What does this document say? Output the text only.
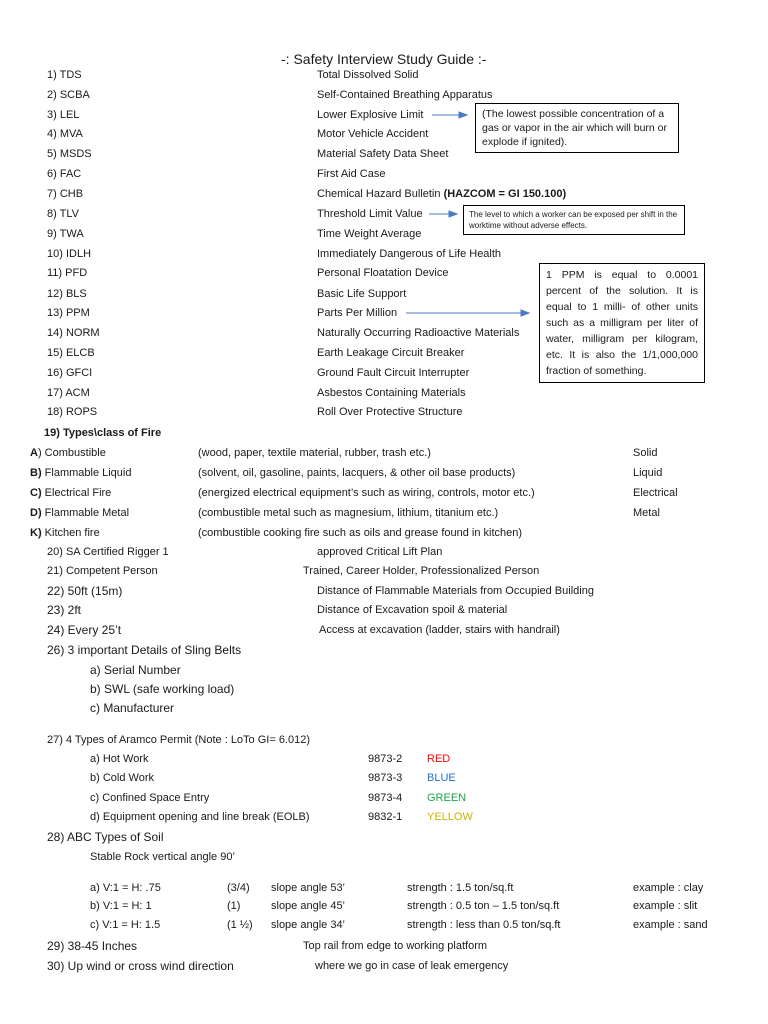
-: Safety Interview Study Guide :-
1) TDS	Total Dissolved Solid
2) SCBA	Self-Contained Breathing Apparatus
3) LEL	Lower Explosive Limit
4) MVA	Motor Vehicle Accident
5) MSDS	Material Safety Data Sheet
6) FAC	First Aid Case
7) CHB	Chemical Hazard Bulletin (HAZCOM = GI 150.100)
8) TLV	Threshold Limit Value
9) TWA	Time Weight Average
10) IDLH	Immediately Dangerous of Life Health
11) PFD	Personal Floatation Device
12) BLS	Basic Life Support
13) PPM	Parts Per Million
14) NORM	Naturally Occurring Radioactive Materials
15) ELCB	Earth Leakage Circuit Breaker
16) GFCI	Ground Fault Circuit Interrupter
17) ACM	Asbestos Containing Materials
18) ROPS	Roll Over Protective Structure
(The lowest possible concentration of a gas or vapor in the air which will burn or explode if ignited).
The level to which a worker can be exposed per shift in the worktime without adverse effects.
1 PPM is equal to 0.0001 percent of the solution. It is equal to 1 milli- of other units such as a milligram per liter of water, milligram per kilogram, etc. It is also the 1/1,000,000 fraction of something.
19) Types\class of Fire
A) Combustible	(wood, paper, textile material, rubber, trash etc.)	Solid
B) Flammable Liquid	(solvent, oil, gasoline, paints, lacquers, & other oil base products)	Liquid
C) Electrical Fire	(energized electrical equipment’s such as wiring, controls, motor etc.)	Electrical
D) Flammable Metal	(combustible metal such as magnesium, lithium, titanium etc.)	Metal
K) Kitchen fire	(combustible cooking fire such as oils and grease found in kitchen)
20) SA Certified Rigger 1	approved Critical Lift Plan
21) Competent Person	Trained, Career Holder, Professionalized Person
22) 50ft (15m)	Distance of Flammable Materials from Occupied Building
23) 2ft	Distance of Excavation spoil & material
24) Every 25’t	Access at excavation (ladder, stairs with handrail)
26) 3 important Details of Sling Belts
a) Serial Number
b) SWL (safe working load)
c) Manufacturer
27) 4 Types of Aramco Permit (Note : LoTo GI= 6.012)
a) Hot Work	9873-2 RED
b) Cold Work	9873-3 BLUE
c) Confined Space Entry	9873-4 GREEN
d) Equipment opening and line break (EOLB)	9832-1 YELLOW
28) ABC Types of Soil
Stable Rock vertical angle 90’
a) V:1 = H: .75	(3/4) slope angle 53’	strength : 1.5 ton/sq.ft	example : clay
b) V:1 = H: 1	(1)	slope angle 45’	strength : 0.5 ton – 1.5 ton/sq.ft	example : slit
c) V:1 = H: 1.5	(1 ½) slope angle 34’	strength : less than 0.5 ton/sq.ft	example : sand
29) 38-45 Inches	Top rail from edge to working platform
30) Up wind or cross wind direction	where we go in case of leak emergency
